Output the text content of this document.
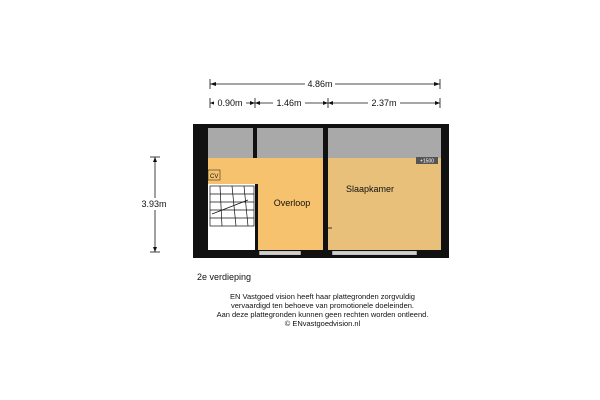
4.86m
0.90m	1.46m	2.37m
3.93m
CV
+1500
Overloop
Slaapkamer
2e verdieping
EN Vastgoed vision heeft haar plattegronden zorgvuldig
vervaardigd ten behoeve van promotionele doeleinden.
Aan deze plattegronden kunnen geen rechten worden ontleend.
© ENvastgoedvision.nl
